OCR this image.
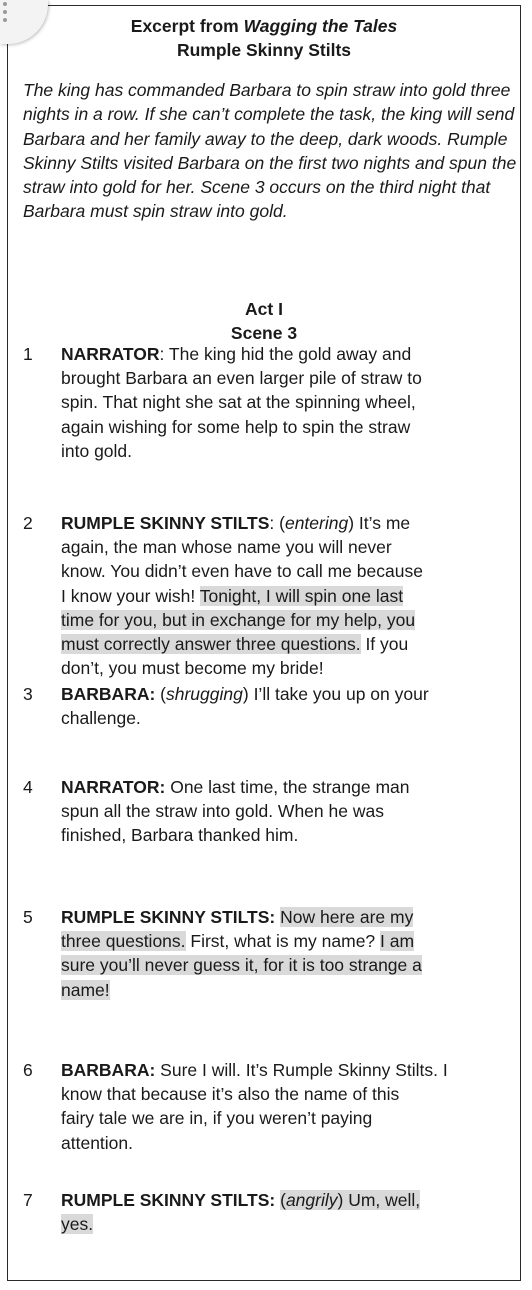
Excerpt from Wagging the Tales
Rumple Skinny Stilts
The king has commanded Barbara to spin straw into gold three nights in a row. If she can’t complete the task, the king will send Barbara and her family away to the deep, dark woods. Rumple Skinny Stilts visited Barbara on the first two nights and spun the straw into gold for her. Scene 3 occurs on the third night that Barbara must spin straw into gold.
Act I
Scene 3
1 NARRATOR: The king hid the gold away and
brought Barbara an even larger pile of straw to
spin. That night she sat at the spinning wheel,
again wishing for some help to spin the straw
into gold.
2 RUMPLE SKINNY STILTS: (entering) It’s me
again, the man whose name you will never
know. You didn’t even have to call me because
I know your wish! Tonight, I will spin one last
time for you, but in exchange for my help, you
must correctly answer three questions. If you
don’t, you must become my bride!
3 BARBARA: (shrugging) I’ll take you up on your
challenge.
4 NARRATOR: One last time, the strange man
spun all the straw into gold. When he was
finished, Barbara thanked him.
5 RUMPLE SKINNY STILTS: Now here are my
three questions. First, what is my name? I am
sure you’ll never guess it, for it is too strange a
name!
6 BARBARA: Sure I will. It’s Rumple Skinny Stilts. I
know that because it’s also the name of this
fairy tale we are in, if you weren’t paying
attention.
7 RUMPLE SKINNY STILTS: (angrily) Um, well,
yes.
